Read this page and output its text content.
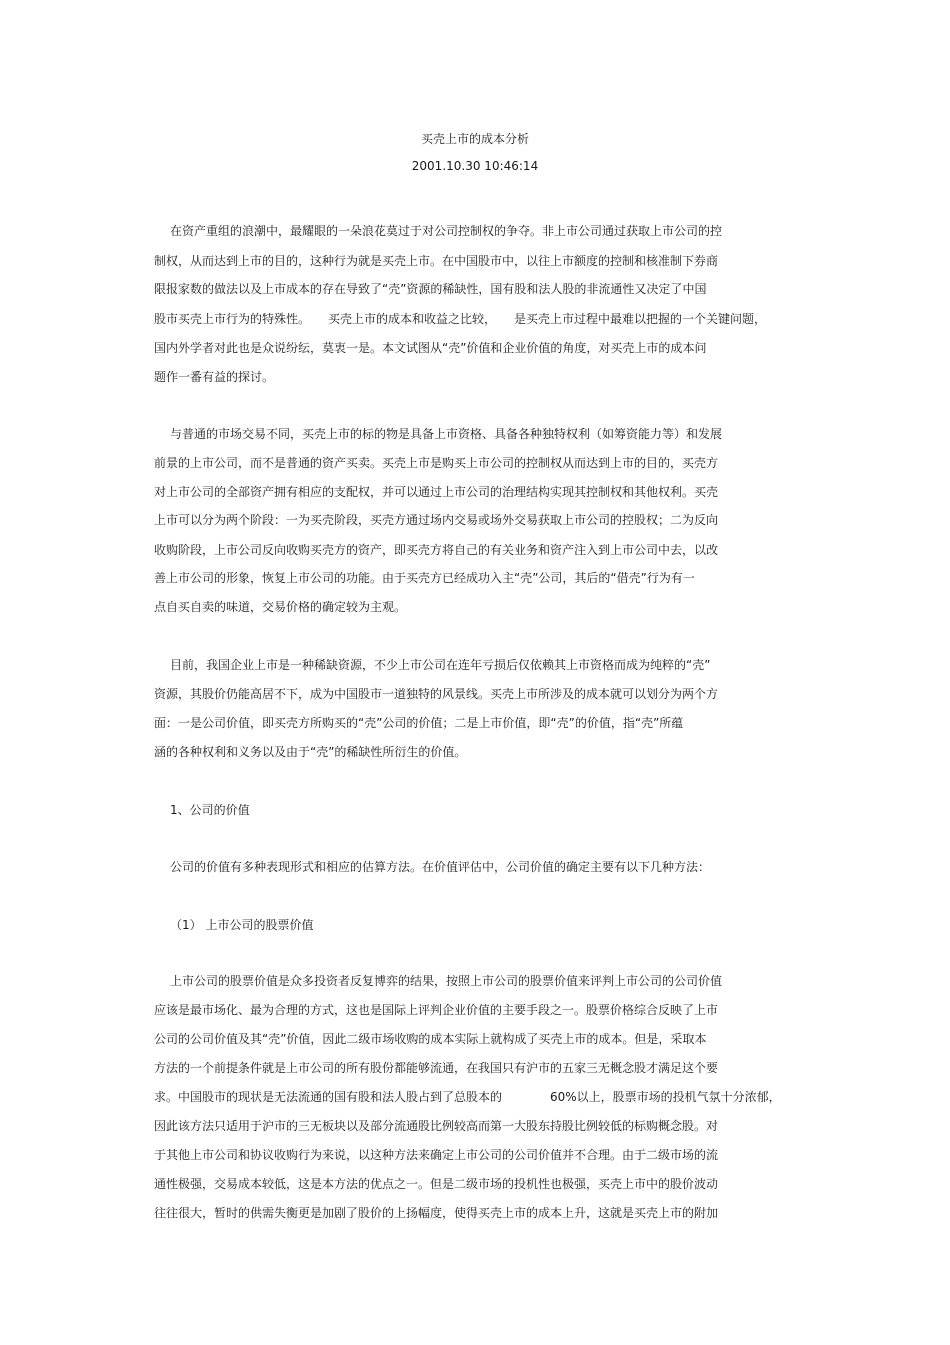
买壳上市的成本分析
2001.10.30 10:46:14
在资产重组的浪潮中，最耀眼的一朵浪花莫过于对公司控制权的争夺。非上市公司通过获取上市公司的控
制权，从而达到上市的目的，这种行为就是买壳上市。在中国股市中，以往上市额度的控制和核准制下券商
限报家数的做法以及上市成本的存在导致了“壳”资源的稀缺性，国有股和法人股的非流通性又决定了中国
股市买壳上市行为的特殊性。　　买壳上市的成本和收益之比较，　　是买壳上市过程中最难以把握的一个关键问题，
国内外学者对此也是众说纷纭，莫衷一是。本文试图从“壳”价值和企业价值的角度，对买壳上市的成本问
题作一番有益的探讨。
与普通的市场交易不同，买壳上市的标的物是具备上市资格、具备各种独特权利（如筹资能力等）和发展
前景的上市公司，而不是普通的资产买卖。买壳上市是购买上市公司的控制权从而达到上市的目的，买壳方
对上市公司的全部资产拥有相应的支配权，并可以通过上市公司的治理结构实现其控制权和其他权利。买壳
上市可以分为两个阶段：一为买壳阶段，买壳方通过场内交易或场外交易获取上市公司的控股权；二为反向
收购阶段，上市公司反向收购买壳方的资产，即买壳方将自己的有关业务和资产注入到上市公司中去，以改
善上市公司的形象，恢复上市公司的功能。由于买壳方已经成功入主“壳”公司，其后的“借壳”行为有一
点自买自卖的味道，交易价格的确定较为主观。
目前，我国企业上市是一种稀缺资源，不少上市公司在连年亏损后仅依赖其上市资格而成为纯粹的“壳”
资源，其股价仍能高居不下，成为中国股市一道独特的风景线。买壳上市所涉及的成本就可以划分为两个方
面：一是公司价值，即买壳方所购买的“壳”公司的价值；二是上市价值，即“壳”的价值，指“壳”所蕴
涵的各种权利和义务以及由于“壳”的稀缺性所衍生的价值。
1、公司的价值
公司的价值有多种表现形式和相应的估算方法。在价值评估中，公司价值的确定主要有以下几种方法：
（1） 上市公司的股票价值
上市公司的股票价值是众多投资者反复博弈的结果，按照上市公司的股票价值来评判上市公司的公司价值
应该是最市场化、最为合理的方式，这也是国际上评判企业价值的主要手段之一。股票价格综合反映了上市
公司的公司价值及其“壳”价值，因此二级市场收购的成本实际上就构成了买壳上市的成本。但是，采取本
方法的一个前提条件就是上市公司的所有股份都能够流通，在我国只有沪市的五家三无概念股才满足这个要
求。中国股市的现状是无法流通的国有股和法人股占到了总股本的　　　　60%以上，股票市场的投机气氛十分浓郁，
因此该方法只适用于沪市的三无板块以及部分流通股比例较高而第一大股东持股比例较低的标购概念股。对
于其他上市公司和协议收购行为来说，以这种方法来确定上市公司的公司价值并不合理。由于二级市场的流
通性极强，交易成本较低，这是本方法的优点之一。但是二级市场的投机性也极强，买壳上市中的股价波动
往往很大，暂时的供需失衡更是加剧了股价的上扬幅度，使得买壳上市的成本上升，这就是买壳上市的附加
